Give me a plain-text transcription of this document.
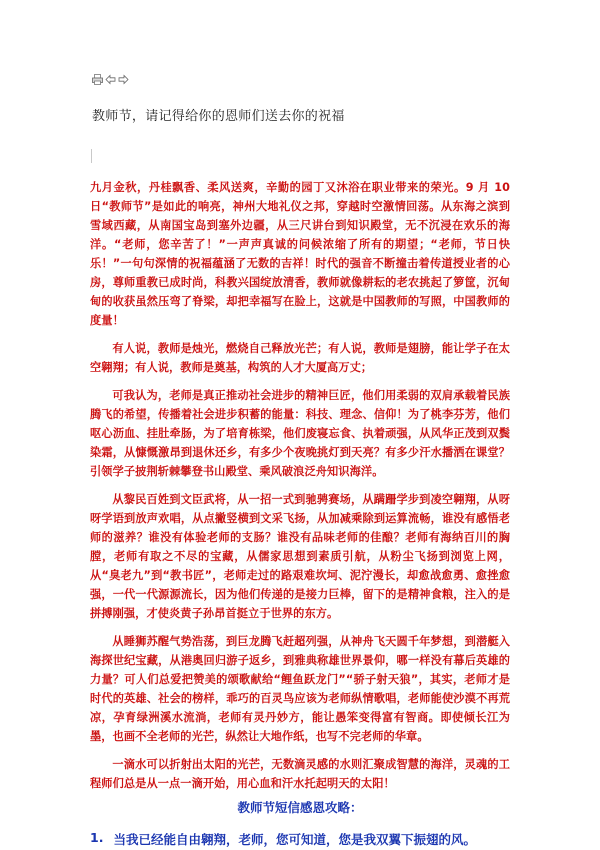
教师节，请记得给你的恩师们送去你的祝福

九月金秋，丹桂飘香、柔风送爽，辛勤的园丁又沐浴在职业带来的荣光。9 月 10 日“教师节”是如此的响亮，神州大地礼仪之邦，穿越时空激情回荡。从东海之滨到雪域西藏，从南国宝岛到塞外边疆，从三尺讲台到知识殿堂，无不沉浸在欢乐的海洋。“老师，您辛苦了！”一声声真诚的问候浓缩了所有的期望；“老师，节日快乐！”一句句深情的祝福蕴涵了无数的吉祥！时代的强音不断撞击着传道授业者的心房，尊师重教已成时尚，科教兴国绽放清香，教师就像耕耘的老农挑起了箩筐，沉甸甸的收获虽然压弯了脊梁，却把幸福写在脸上，这就是中国教师的写照，中国教师的度量！

有人说，教师是烛光，燃烧自己释放光芒；有人说，教师是翅膀，能让学子在太空翱翔；有人说，教师是奠基，构筑的人才大厦高万丈；

可我认为，老师是真正推动社会进步的精神巨匠，他们用柔弱的双肩承载着民族腾飞的希望，传播着社会进步积蓄的能量：科技、理念、信仰！为了桃李芬芳，他们呕心沥血、挂肚牵肠，为了培育栋梁，他们废寝忘食、执着顽强，从风华正茂到双鬓染霜，从慷慨激昂到退休还乡，有多少个夜晚挑灯到天亮？有多少汗水播洒在课堂？引领学子披荆斩棘攀登书山殿堂、乘风破浪泛舟知识海洋。

从黎民百姓到文臣武将，从一招一式到驰骋赛场，从蹒跚学步到凌空翱翔，从呀呀学语到放声欢唱，从点撇竖横到文采飞扬，从加减乘除到运算流畅，谁没有感悟老师的滋养？谁没有体验老师的支肠？谁没有品味老师的佳酿？老师有海纳百川的胸膛，老师有取之不尽的宝藏，从儒家思想到素质引航，从粉尘飞扬到浏览上网，从“臭老九”到“教书匠”，老师走过的路艰难坎坷、泥泞漫长，却愈战愈勇、愈挫愈强，一代一代源源流长，因为他们传递的是接力巨棒，留下的是精神食粮，注入的是拼搏刚强，才使炎黄子孙昂首挺立于世界的东方。

从睡狮苏醒气势浩荡，到巨龙腾飞赶超列强，从神舟飞天圆千年梦想，到潜艇入海探世纪宝藏，从港奥回归游子返乡，到雅典称雄世界景仰，哪一样没有幕后英雄的力量？可人们总爱把赞美的颂歌献给“鲤鱼跃龙门”“骄子射天狼”，其实，老师才是时代的英雄、社会的榜样，乖巧的百灵鸟应该为老师纵情歌唱，老师能使沙漠不再荒凉，孕育绿洲溪水流淌，老师有灵丹妙方，能让愚笨变得富有智商。即使倾长江为墨，也画不全老师的光芒，纵然让大地作纸，也写不完老师的华章。

一滴水可以折射出太阳的光芒，无数滴灵感的水则汇聚成智慧的海洋，灵魂的工程师们总是从一点一滴开始，用心血和汗水托起明天的太阳！

教师节短信感恩攻略：
1. 当我已经能自由翱翔，老师，您可知道，您是我双翼下振翅的风。
